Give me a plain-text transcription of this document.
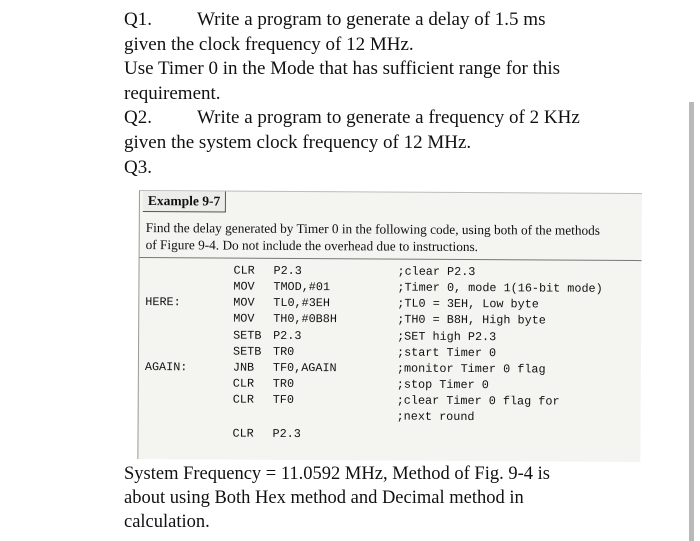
Q1. Write a program to generate a delay of 1.5 ms
given the clock frequency of 12 MHz.
Use Timer 0 in the Mode that has sufficient range for this
requirement.
Q2. Write a program to generate a frequency of 2 KHz
given the system clock frequency of 12 MHz.
Q3.
Example 9-7
Find the delay generated by Timer 0 in the following code, using both of the methods
of Figure 9-4. Do not include the overhead due to instructions.
CLR P2.3	;clear P2.3
MOV TMOD,#01	;Timer 0, mode 1(16-bit mode)
HERE:	MOV TL0,#3EH	;TL0 = 3EH, Low byte
MOV TH0,#0B8H	;TH0 = B8H, High byte
SETB P2.3	;SET high P2.3
SETB TR0	;start Timer 0
AGAIN:	JNB TF0,AGAIN	;monitor Timer 0 flag
CLR TR0	;stop Timer 0
CLR TF0	;clear Timer 0 flag for
;next round
CLR P2.3
System Frequency = 11.0592 MHz, Method of Fig. 9-4 is
about using Both Hex method and Decimal method in
calculation.
